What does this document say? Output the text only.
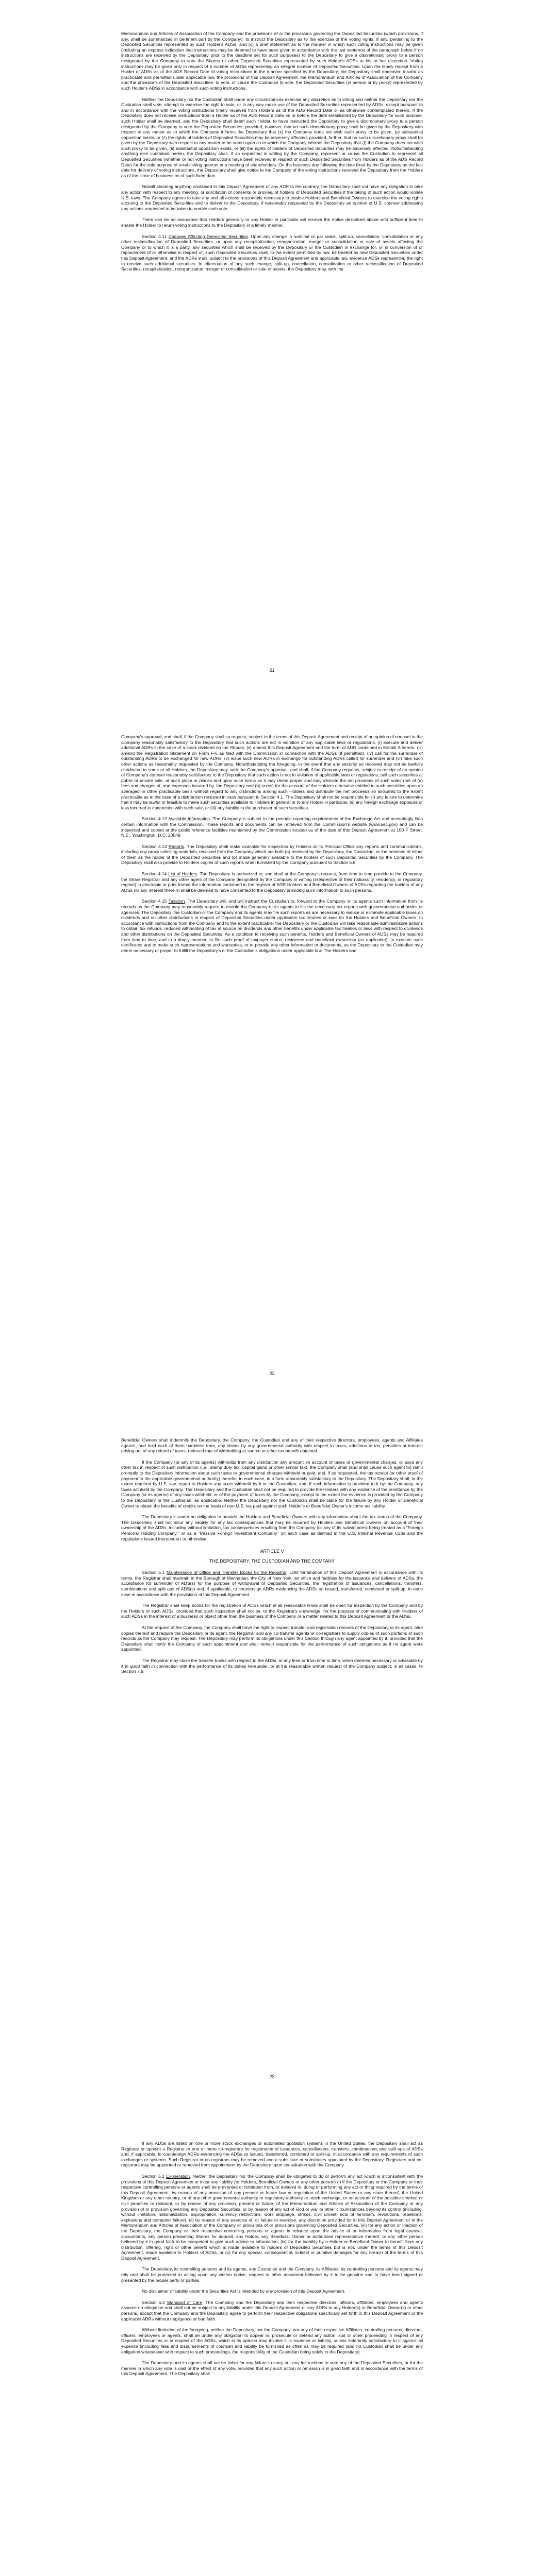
Memorandum and Articles of Association of the Company and the provisions of or the provisions governing the Deposited Securities (which provisions, if any, shall be summarized in pertinent part by the Company), to instruct the Depositary as to the exercise of the voting rights, if any, pertaining to the Deposited Securities represented by such Holder's ADSs, and (c) a brief statement as to the manner in which such voting instructions may be given (including an express indication that instructions may be deemed to have been given in accordance with the last sentence of the paragraph below if no instructions are received by the Depositary prior to the deadline set for such purposes) to the Depositary to give a discretionary proxy to a person designated by the Company to vote the Shares or other Deposited Securities represented by such Holder's ADSs to his or her discretion. Voting instructions may be given only in respect of a number of ADSs representing an integral number of Deposited Securities. Upon the timely receipt from a Holder of ADSs as of the ADS Record Date of voting instructions in the manner specified by the Depositary, the Depositary shall endeavor, insofar as practicable and permitted under applicable law, the provisions of this Deposit Agreement, the Memorandum and Articles of Association of the Company and the provisions of the Deposited Securities, to vote, or cause the Custodian to vote, the Deposited Securities (in person or by proxy) represented by such Holder's ADSs in accordance with such voting instructions.

Neither the Depositary nor the Custodian shall under any circumstances exercise any discretion as to voting and neither the Depositary nor the Custodian shall vote, attempt to exercise the right to vote, or in any way make use of the Deposited Securities represented by ADSs, except pursuant to and in accordance with the voting instructions timely received from Holders as of the ADS Record Date or as otherwise contemplated therein. If the Depositary does not receive instructions from a Holder as of the ADS Record Date on or before the date established by the Depositary for such purpose, such Holder shall be deemed, and the Depositary shall deem such Holder, to have instructed the Depositary to give a discretionary proxy to a person designated by the Company to vote the Deposited Securities; provided, however, that no such discretionary proxy shall be given by the Depositary with respect to any matter as to which the Company informs the Depositary that (x) the Company does not wish such proxy to be given, (y) substantial opposition exists, or (z) the rights of holders of Deposited Securities may be adversely affected; provided, further, that no such discretionary proxy shall be given by the Depositary with respect to any matter to be voted upon as to which the Company informs the Depositary that (i) the Company does not wish such proxy to be given, (ii) substantial opposition exists, or (iii) the rights of holders of Deposited Securities may be adversely affected. Notwithstanding anything else contained herein, the Depositary shall, if so requested in writing by the Company, represent or cause the Custodian to represent all Deposited Securities (whether or not voting instructions have been received in respect of such Deposited Securities from Holders as of the ADS Record Date) for the sole purpose of establishing quorum at a meeting of shareholders. On the business day following the date fixed by the Depositary as the last date for delivery of voting instructions, the Depositary shall give notice to the Company of the voting instructions received the Depositary from the Holders as of the close of business as of such fixed date.

Notwithstanding anything contained in this Deposit Agreement or any ADR to the contrary, the Depositary shall not have any obligation to take any action with respect to any meeting, or solicitation of consents or proxies, of holders of Deposited Securities if the taking of such action would violate U.S. laws. The Company agrees to take any and all actions reasonably necessary to enable Holders and Beneficial Owners to exercise the voting rights accruing to the Deposited Securities and to deliver to the Depositary, if reasonably requested by the Depositary an opinion of U.S. counsel addressing any actions requested to be taken to enable such vote.

There can be no assurance that Holders generally or any Holder in particular will receive the notice described above with sufficient time to enable the Holder to return voting instructions to the Depositary in a timely manner.

Section 4.11 Changes Affecting Deposited Securities. Upon any change in nominal or par value, split-up, cancellation, consolidation or any other reclassification of Deposited Securities, or upon any recapitalization, reorganization, merger or consolidation or sale of assets affecting the Company or to which it is a party, any securities which shall be received by the Depositary or the Custodian in exchange for, or in conversion of or replacement of or otherwise in respect of, such Deposited Securities shall, to the extent permitted by law, be treated as new Deposited Securities under this Deposit Agreement, and the ADRs shall, subject to the provisions of this Deposit Agreement and applicable law, evidence ADSs representing the right to receive such additional securities. In effectuation of any such change, split-up, cancellation, consolidation or other reclassification of Deposited Securities, recapitalization, reorganization, merger or consolidation or sale of assets, the Depositary may, with the

21

Company's approval, and shall, if the Company shall so request, subject to the terms of this Deposit Agreement and receipt of an opinion of counsel to the Company reasonably satisfactory to the Depositary that such actions are not in violation of any applicable laws or regulations, (i) execute and deliver additional ADRs in the case of a stock dividend on the Shares, (ii) amend this Deposit Agreement and the form of ADR contained in Exhibit A hereto, (iii) amend the Registration Statement on Form F-6 as filed with the Commission in connection with the ADSs (if permitted), (iv) call for the surrender of outstanding ADRs to be exchanged for new ADRs, (v) issue such new ADRs in exchange for outstanding ADRs called for surrender and (vi) take such other actions as reasonably requested by the Company. Notwithstanding the foregoing, in the event that any security so received may not be lawfully distributed to some or all Holders, the Depositary may, with the Company's approval, and shall, if the Company requests, subject to receipt of an opinion of Company's counsel reasonably satisfactory to the Depositary that such action is not in violation of applicable laws or regulations, sell such securities at public or private sale, at such place or places and upon such terms as it may deem proper and may allocate the net proceeds of such sales (net of (a) fees and charges of, and expenses incurred by, the Depositary and (b) taxes) for the account of the Holders otherwise entitled to such securities upon an averaged or other practicable basis without regard to any distinctions among such Holders and distribute the net proceeds so allocated to the extent practicable as in the case of a distribution received in cash pursuant to Section 4.1. The Depositary shall not be responsible for (i) any failure to determine that it may be lawful or feasible to make such securities available to Holders in general or to any Holder in particular, (ii) any foreign exchange exposure or loss incurred in connection with such sale, or (iii) any liability to the purchaser of such securities.

Section 4.12 Available Information. The Company is subject to the periodic reporting requirements of the Exchange Act and accordingly files certain information with the Commission. These reports and documents can be retrieved from the Commission's website (www.sec.gov) and can be inspected and copied at the public reference facilities maintained by the Commission located as of the date of this Deposit Agreement at 100 F Street, N.E., Washington, D.C. 20549.

Section 4.13 Reports. The Depositary shall make available for inspection by Holders at its Principal Office any reports and communications, including any proxy soliciting materials, received from the Company which are both (a) received by the Depositary, the Custodian, or the nominee of either of them as the holder of the Deposited Securities and (b) made generally available to the holders of such Deposited Securities by the Company. The Depositary shall also provide to Holders copies of such reports when furnished by the Company pursuant to Section 5.6.

Section 4.14 List of Holders. The Depositary is authorized to, and shall at the Company's request, from time to time provide to the Company, the Share Registrar and any other agent of the Company designated by the Company in writing (irrespective of their nationality, residency, or regulatory regime) in electronic or print format the information contained in the register of ADR Holders and Beneficial Owners of ADSs regarding the holders of any ADSs (or any interest therein) shall be deemed to have consented to the Depositary providing such information to such persons.

Section 4.15 Taxation. The Depositary will, and will instruct the Custodian to, forward to the Company or its agents such information from its records as the Company may reasonably request to enable the Company or its agents to file the necessary tax reports with governmental authorities or agencies. The Depositary, the Custodian or the Company and its agents may file such reports as are necessary to reduce or eliminate applicable taxes on dividends and on other distributions in respect of Deposited Securities under applicable tax treaties or laws for the Holders and Beneficial Owners. In accordance with instructions from the Company and to the extent practicable, the Depositary or the Custodian will take reasonable administrative actions to obtain tax refunds, reduced withholding of tax at source on dividends and other benefits under applicable tax treaties or laws with respect to dividends and other distributions on the Deposited Securities. As a condition to receiving such benefits, Holders and Beneficial Owners of ADSs may be required from time to time, and in a timely manner, to file such proof of taxpayer status, residence and beneficial ownership (as applicable), to execute such certificates and to make such representations and warranties, or to provide any other information or documents, as the Depositary or the Custodian may deem necessary or proper to fulfill the Depositary's or the Custodian's obligations under applicable law. The Holders and

22

Beneficial Owners shall indemnify the Depositary, the Company, the Custodian and any of their respective directors, employees, agents and Affiliates against, and hold each of them harmless from, any claims by any governmental authority with respect to taxes, additions to tax, penalties or interest arising out of any refund of taxes, reduced rate of withholding at source or other tax benefit obtained.

If the Company (or any of its agents) withholds from any distribution any amount on account of taxes or governmental charges, or pays any other tax in respect of such distribution (i.e., stamp duty tax, capital gains or other similar tax), the Company shall (and shall cause such agent to) remit promptly to the Depositary information about such taxes or governmental charges withheld or paid, and, if so requested, the tax receipt (or other proof of payment to the applicable governmental authority) therefor, in each case, in a form reasonably satisfactory to the Depositary. The Depositary shall, to the extent required by U.S. law, report to Holders any taxes withheld by it or the Custodian, and, if such information is provided to it by the Company, any taxes withheld by the Company. The Depositary and the Custodian shall not be required to provide the Holders with any evidence of the remittance by the Company (or its agents) of any taxes withheld, or of the payment of taxes by the Company, except to the extent the evidence is provided by the Company to the Depositary or the Custodian, as applicable. Neither the Depositary nor the Custodian shall be liable for the failure by any Holder or Beneficial Owner to obtain the benefits of credits on the basis of non-U.S. tax paid against such Holder's or Beneficial Owner's income tax liability.

The Depositary is under no obligation to provide the Holders and Beneficial Owners with any information about the tax status of the Company. The Depositary shall not incur any liability for any tax consequences that may be incurred by Holders and Beneficial Owners on account of their ownership of the ADSs, including without limitation, tax consequences resulting from the Company (or any of its subsidiaries) being treated as a "Foreign Personal Holding Company," or as a "Passive Foreign Investment Company" (in each case as defined in the U.S. Internal Revenue Code and the regulations issued thereunder) or otherwise.

ARTICLE V
THE DEPOSITARY, THE CUSTODIAN AND THE COMPANY

Section 5.1 Maintenance of Office and Transfer Books by the Registrar. Until termination of this Deposit Agreement in accordance with its terms, the Registrar shall maintain in the Borough of Manhattan, the City of New York, an office and facilities for the issuance and delivery of ADSs, the acceptance for surrender of ADS(s) for the purpose of withdrawal of Deposited Securities, the registration of issuances, cancellations, transfers, combinations and split-ups of ADS(s) and, if applicable, to countersign ADRs evidencing the ADSs so issued, transferred, combined or split-up, in each case in accordance with the provisions of this Deposit Agreement.

The Registrar shall keep books for the registration of ADSs which at all reasonable times shall be open for inspection by the Company and by the Holders of such ADSs, provided that such inspection shall not be, to the Registrar's knowledge, for the purpose of communicating with Holders of such ADSs in the interest of a business or object other than the business of the Company or a matter related to this Deposit Agreement or the ADSs.

At the request of the Company, the Company shall have the right to inspect transfer and registration records of the Depositary or its agent, take copies thereof and require the Depositary or its agent, the Registrar and any co-transfer agents or co-registrars to supply copies of such portions of such records as the Company may request. The Depositary may perform its obligations under this Section through any agent appointed by it, provided that the Depositary shall notify the Company of such appointment and shall remain responsible for the performance of such obligations as if no agent were appointed.

The Registrar may close the transfer books with respect to the ADSs, at any time or from time to time, when deemed necessary or advisable by it in good faith in connection with the performance of its duties hereunder, or at the reasonable written request of the Company subject, in all cases, to Section 7.8.

23

If any ADSs are listed on one or more stock exchanges or automated quotation systems in the United States, the Depositary shall act as Registrar or appoint a Registrar or one or more co-registrars for registration of issuances, cancellations, transfers, combinations and split-ups of ADSs and, if applicable, to countersign ADRs evidencing the ADSs so issued, transferred, combined or split-up, in accordance with any requirements of such exchanges or systems. Such Registrar or co-registrars may be removed and a substitute or substitutes appointed by the Depositary. Registrars and co-registrars may be appointed or removed from appointment by the Depositary upon consultation with the Company.

Section 5.2 Exoneration. Neither the Depositary nor the Company shall be obligated to do or perform any act which is inconsistent with the provisions of this Deposit Agreement or incur any liability (to Holders, Beneficial Owners or any other person) (i) if the Depositary or the Company or their respective controlling persons or agents shall be prevented or forbidden from, or delayed in, doing or performing any act or thing required by the terms of this Deposit Agreement, by reason of any provision of any present or future law or regulation of the United States or any state thereof, the United Kingdom or any other country, or of any other governmental authority or regulatory authority or stock exchange, or on account of the possible criminal or civil penalties or restraint, or by reason of any provision, present or future, of the Memorandum and Articles of Association of the Company or any provision of or provision governing any Deposited Securities, or by reason of any act of God or war or other circumstances beyond its control (including, without limitation, nationalization, expropriation, currency restrictions, work stoppage, strikes, civil unrest, acts of terrorism, revolutions, rebellions, explosions and computer failure), (ii) by reason of any exercise of, or failure to exercise, any discretion provided for in this Deposit Agreement or in the Memorandum and Articles of Association of the Company or provisions of or provisions governing Deposited Securities, (iii) for any action or inaction of the Depositary, the Company or their respective controlling persons or agents in reliance upon the advice of or information from legal counsel, accountants, any person presenting Shares for deposit, any Holder, any Beneficial Owner or authorized representative thereof, or any other person believed by it in good faith to be competent to give such advice or information, (iv) for the inability by a Holder or Beneficial Owner to benefit from any distribution, offering, right or other benefit which is made available to holders of Deposited Securities but is not, under the terms of this Deposit Agreement, made available to Holders of ADSs, or (v) for any special, consequential, indirect or punitive damages for any breach of the terms of this Deposit Agreement.

The Depositary, its controlling persons and its agents, any Custodian and the Company, its Affiliates, its controlling persons and its agents may rely and shall be protected in acting upon any written notice, request or other document believed by it to be genuine and to have been signed or presented by the proper party or parties.

No disclaimer of liability under the Securities Act is intended by any provision of this Deposit Agreement.

Section 5.3 Standard of Care. The Company and the Depositary and their respective directors, officers, affiliates, employees and agents assume no obligation and shall not be subject to any liability under this Deposit Agreement or any ADRs to any Holder(s) or Beneficial Owner(s) or other persons, except that the Company and the Depositary agree to perform their respective obligations specifically set forth in this Deposit Agreement or the applicable ADRs without negligence or bad faith.

Without limitation of the foregoing, neither the Depositary, nor the Company, nor any of their respective Affiliates, controlling persons, directors, officers, employees or agents, shall be under any obligation to appear in, prosecute or defend any action, suit or other proceeding in respect of any Deposited Securities or in respect of the ADSs, which in its opinion may involve it in expense or liability, unless indemnity satisfactory to it against all expense (including fees and disbursements of counsel) and liability be furnished as often as may be required (and no Custodian shall be under any obligation whatsoever with respect to such proceedings, the responsibility of the Custodian being solely to the Depositary).

The Depositary and its agents shall not be liable for any failure to carry out any instructions to vote any of the Deposited Securities, or for the manner in which any vote is cast or the effect of any vote, provided that any such action or omission is in good faith and in accordance with the terms of this Deposit Agreement. The Depositary shall
